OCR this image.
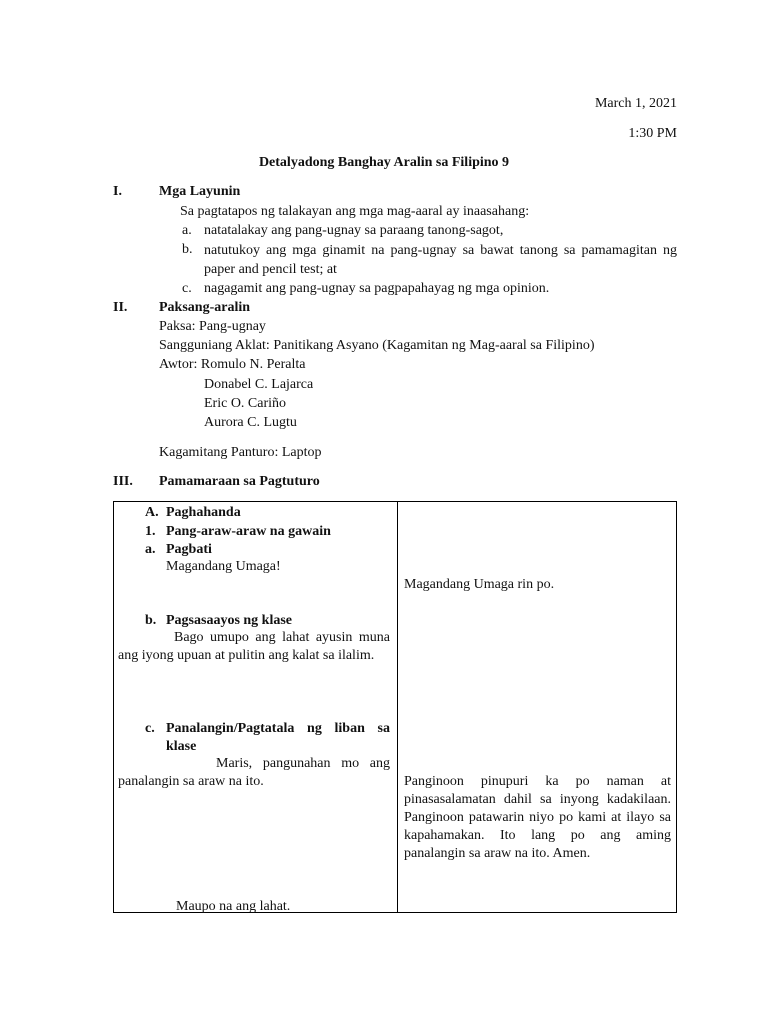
March 1, 2021
1:30 PM
Detalyadong Banghay Aralin sa Filipino 9
I.	Mga Layunin
Sa pagtatapos ng talakayan ang mga mag-aaral ay inaasahang:
a. natatalakay ang pang-ugnay sa paraang tanong-sagot,
b. natutukoy ang mga ginamit na pang-ugnay sa bawat tanong sa pamamagitan ng paper and pencil test; at
c. nagagamit ang pang-ugnay sa pagpapahayag ng mga opinion.
II. Paksang-aralin
Paksa: Pang-ugnay
Sangguniang Aklat: Panitikang Asyano (Kagamitan ng Mag-aaral sa Filipino)
Awtor: Romulo N. Peralta
Donabel C. Lajarca
Eric O. Cariño
Aurora C. Lugtu
Kagamitang Panturo: Laptop
III. Pamamaraan sa Pagtuturo
A. Paghahanda
1. Pang-araw-araw na gawain
a. Pagbati
Magandang Umaga!
b. Pagsasaayos ng klase
Bago umupo ang lahat ayusin muna ang iyong upuan at pulitin ang kalat sa ilalim.
c. Panalangin/Pagtatala ng liban sa klase
Maris, pangunahan mo ang panalangin sa araw na ito.
Maupo na ang lahat.
Magandang Umaga rin po.
Panginoon pinupuri ka po naman at pinasasalamatan dahil sa inyong kadakilaan. Panginoon patawarin niyo po kami at ilayo sa kapahamakan. Ito lang po ang aming panalangin sa araw na ito. Amen.
